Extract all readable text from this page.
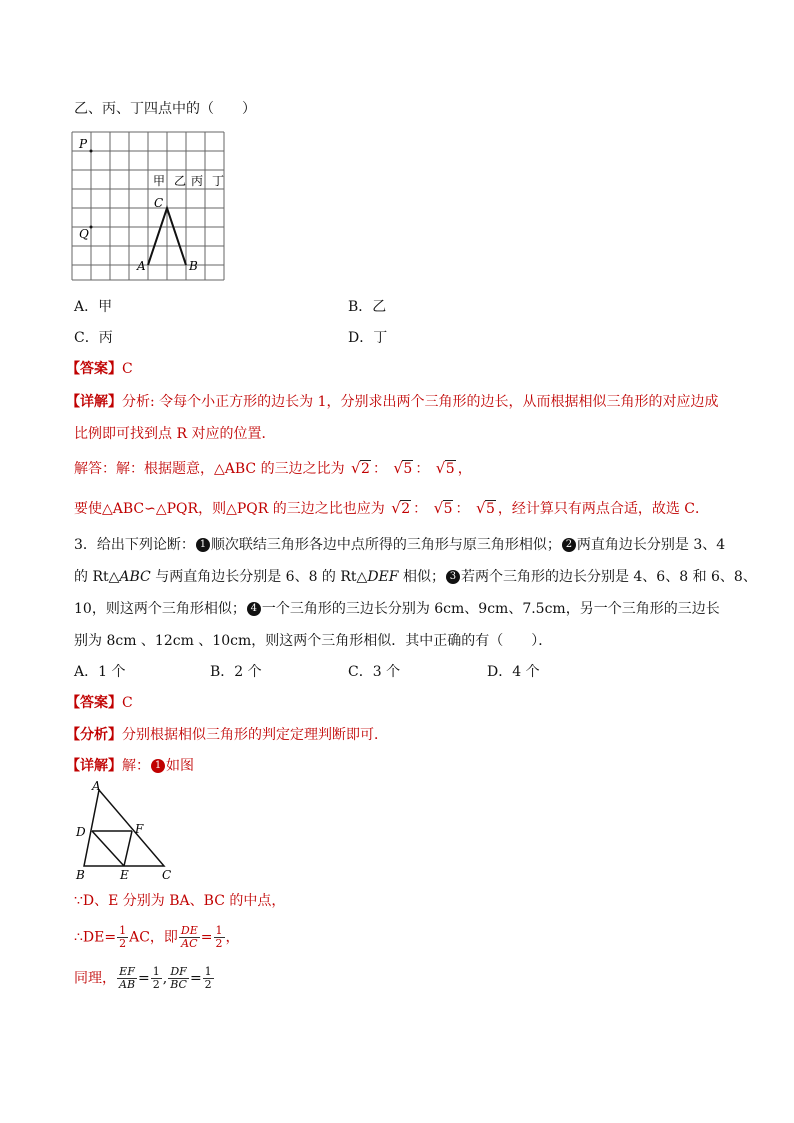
乙、丙、丁四点中的（　　）
P
Q
C
A	B
甲 乙 丙 丁
A．甲	B．乙
C．丙	D．丁
【答案】C
【详解】分析: 令每个小正方形的边长为 1，分别求出两个三角形的边长，从而根据相似三角形的对应边成
比例即可找到点 R 对应的位置．
解答：解：根据题意，△ABC 的三边之比为 √ 2 ： √ 5 ： √ 5 ，
要使△ABC∽△PQR，则△PQR 的三边之比也应为 √ 2 ： √ 5 ： √ 5 ，经计算只有两点合适，故选 C．
3．给出下列论断： 1 顺次联结三角形各边中点所得的三角形与原三角形相似； 2 两直角边长分别是 3、4
的 Rt△ABC 与两直角边长分别是 6、8 的 Rt△DEF 相似； 3 若两个三角形的边长分别是 4、6、8 和 6、8、
10，则这两个三角形相似； 4 一个三角形的三边长分别为 6cm、9cm、7.5cm，另一个三角形的三边长
别为 8cm 、12cm 、10cm，则这两个三角形相似．其中正确的有（　　）．
A．1 个	B．2 个	C．3 个	D．4 个
【答案】C
【分析】分别根据相似三角形的判定定理判断即可．
【详解】解： 1 如图
A
D	F
B	E	C
∵D、E 分别为 BA、BC 的中点，
∴DE= $\frac{1}{2}$ AC，即 $\frac{DE}{AC} = \frac{1}{2}$ ，
同理， $\frac{EF}{AB} = \frac{1}{2}$ , $\frac{DF}{BC} = \frac{1}{2}$
